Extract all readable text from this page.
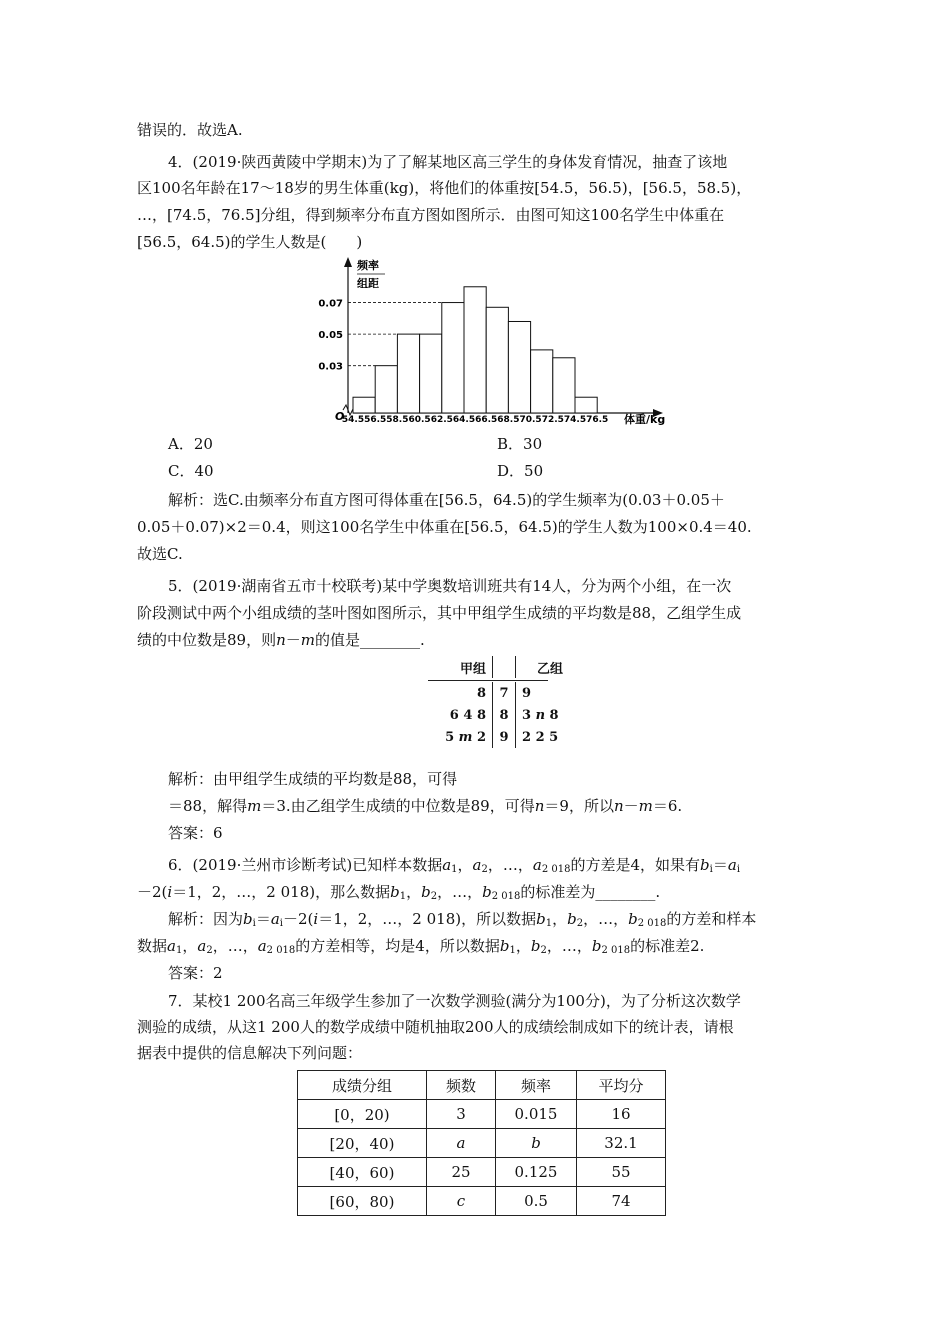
错误的．故选A.
4．(2019·陕西黄陵中学期末)为了了解某地区高三学生的身体发育情况，抽查了该地
区100名年龄在17～18岁的男生体重(kg)，将他们的体重按[54.5，56.5)，[56.5，58.5)，
…，[74.5，76.5]分组，得到频率分布直方图如图所示．由图可知这100名学生中体重在
[56.5，64.5)的学生人数是(　　)
频率
组距
O	体重/kg
0.07
0.05
0.03
54.5 56.5 58.5 60.5 62.5 64.5 66.5 68.5 70.5 72.5 74.5 76.5
A．20	B．30
C．40	D．50
解析：选C.由频率分布直方图可得体重在[56.5，64.5)的学生频率为(0.03＋0.05＋
0.05＋0.07)×2＝0.4，则这100名学生中体重在[56.5，64.5)的学生人数为100×0.4＝40.
故选C.
5．(2019·湖南省五市十校联考)某中学奥数培训班共有14人，分为两个小组，在一次
阶段测试中两个小组成绩的茎叶图如图所示，其中甲组学生成绩的平均数是88，乙组学生成
绩的中位数是89，则n－m的值是________.
甲组		乙组

8	7	9
6 4 8	8	3 n 8
5 m 2	9	2 2 5
解析：由甲组学生成绩的平均数是88，可得
＝88，解得m＝3.由乙组学生成绩的中位数是89，可得n＝9，所以n－m＝6.
答案：6
6．(2019·兰州市诊断考试)已知样本数据$a_1$，$a_2$，…，$a_{2 018}$的方差是4，如果有$b_i=a_i$
－2(i＝1，2，…，2 018)，那么数据$b_1$，$b_2$，…，$b_{2 018}$的标准差为________.
解析：因为$b_i=a_i-2(i=1$，2，…，2 018)，所以数据$b_1$，$b_2$，…，$b_{2 018}$的方差和样本
数据$a_1$，$a_2$，…，$a_{2 018}$的方差相等，均是4，所以数据$b_1$，$b_2$，…，$b_{2 018}$的标准差2.
答案：2
7．某校1 200名高三年级学生参加了一次数学测验(满分为100分)，为了分析这次数学
测验的成绩，从这1 200人的数学成绩中随机抽取200人的成绩绘制成如下的统计表，请根
据表中提供的信息解决下列问题：
成绩分组	频数	频率	平均分
[0，20)	3	0.015	16
[20，40)	a	b	32.1
[40，60)	25	0.125	55
[60，80)	c	0.5	74
